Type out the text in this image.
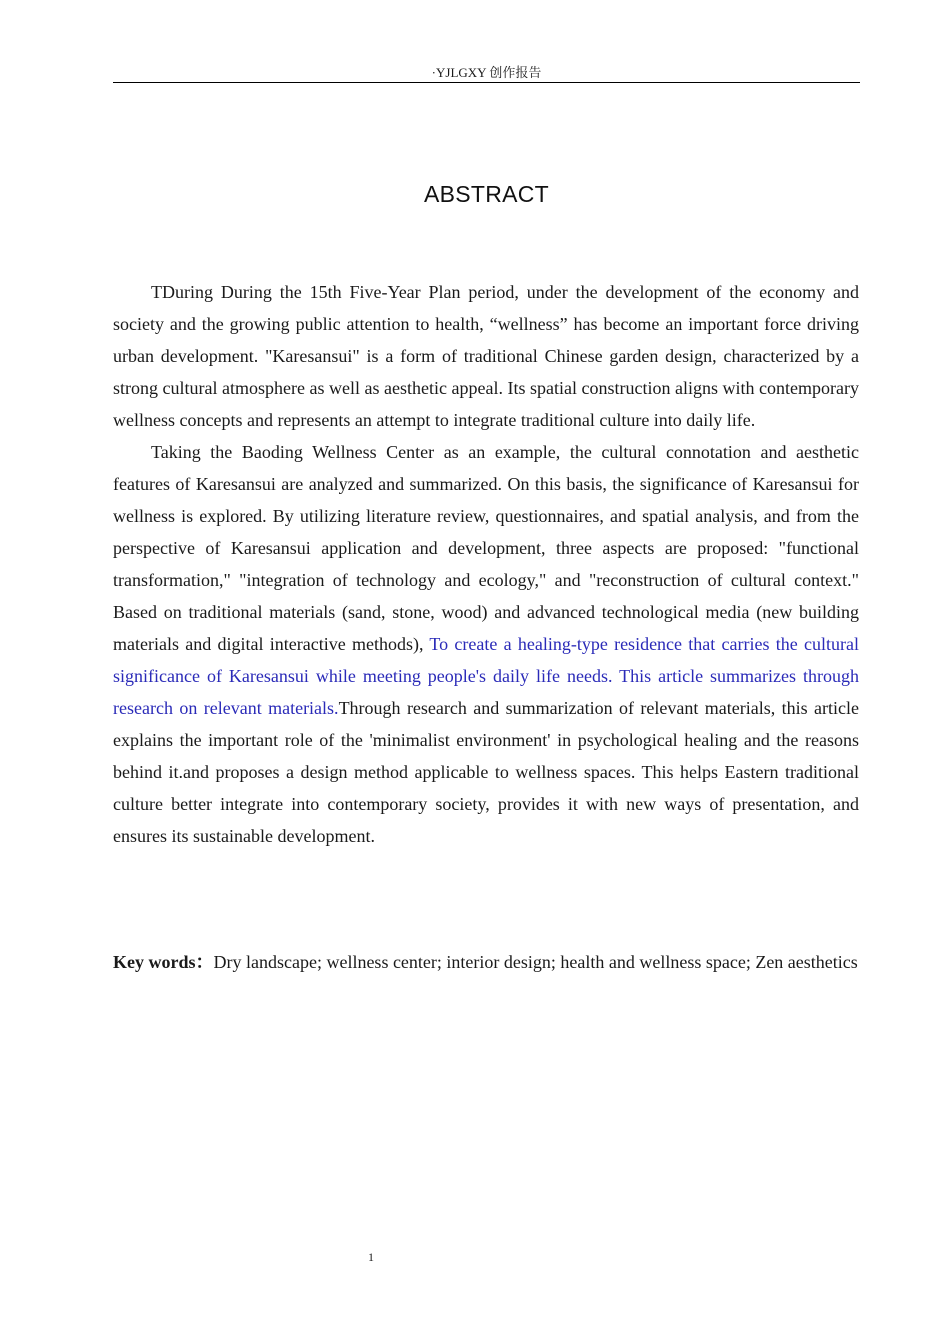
·YJLGXY 创作报告
ABSTRACT

TDuring During the 15th Five-Year Plan period, under the development of the economy and society and the growing public attention to health, “wellness” has become an important force driving urban development. "Karesansui" is a form of traditional Chinese garden design, characterized by a strong cultural atmosphere as well as aesthetic appeal. Its spatial construction aligns with contemporary wellness concepts and represents an attempt to integrate traditional culture into daily life.

Taking the Baoding Wellness Center as an example, the cultural connotation and aesthetic features of Karesansui are analyzed and summarized. On this basis, the significance of Karesansui for wellness is explored. By utilizing literature review, questionnaires, and spatial analysis, and from the perspective of Karesansui application and development, three aspects are proposed: "functional transformation," "integration of technology and ecology," and "reconstruction of cultural context." Based on traditional materials (sand, stone, wood) and advanced technological media (new building materials and digital interactive methods), To create a healing-type residence that carries the cultural significance of Karesansui while meeting people's daily life needs. This article summarizes through research on relevant materials.Through research and summarization of relevant materials, this article explains the important role of the 'minimalist environment' in psychological healing and the reasons behind it.and proposes a design method applicable to wellness spaces. This helps Eastern traditional culture better integrate into contemporary society, provides it with new ways of presentation, and ensures its sustainable development.

Key words：Dry landscape; wellness center; interior design; health and wellness space; Zen aesthetics
1
